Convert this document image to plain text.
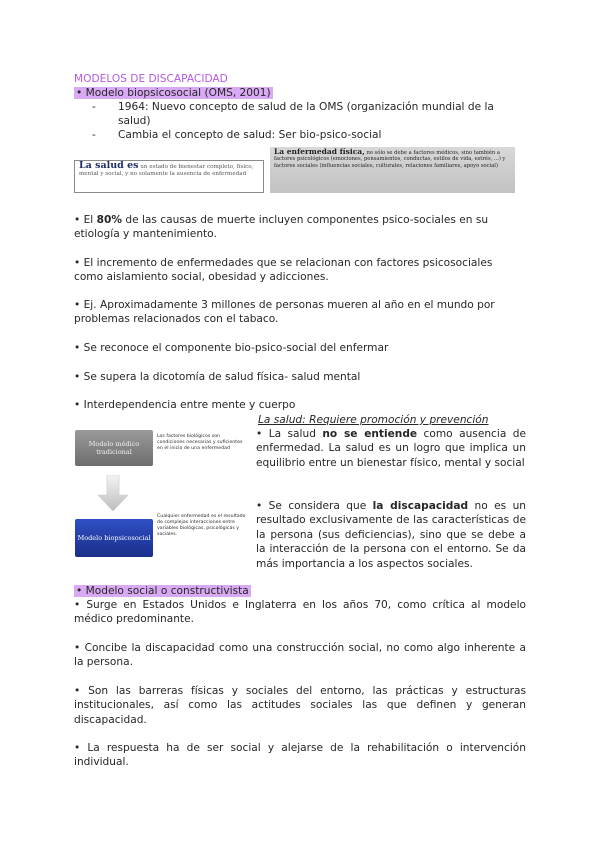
MODELOS DE DISCAPACIDAD
• Modelo biopsicosocial (OMS, 2001)
- 1964: Nuevo concepto de salud de la OMS (organización mundial de la
salud)
- Cambia el concepto de salud: Ser bio-psico-social
La salud es un estado de bienestar completo, físico, mental y social, y no solamente la ausencia de enfermedad
La enfermedad física, no sólo se debe a factores médicos, sino también a factores psicológicos (emociones, pensamientos, conductas, estilos de vida, estrés, ...) y factores sociales (influencias sociales, culturales, relaciones familiares, apoyo social)
• El 80% de las causas de muerte incluyen componentes psico-sociales en su
etiología y mantenimiento.
• El incremento de enfermedades que se relacionan con factores psicosociales
como aislamiento social, obesidad y adicciones.
• Ej. Aproximadamente 3 millones de personas mueren al año en el mundo por
problemas relacionados con el tabaco.
• Se reconoce el componente bio-psico-social del enfermar
• Se supera la dicotomía de salud física- salud mental
• Interdependencia entre mente y cuerpo
La salud: Requiere promoción y prevención
• La salud no se entiende como ausencia de enfermedad. La salud es un logro que implica un equilibrio entre un bienestar físico, mental y social
• Se considera que la discapacidad no es un resultado exclusivamente de las características de la persona (sus deficiencias), sino que se debe a la interacción de la persona con el entorno. Se da más importancia a los aspectos sociales.
Modelo médico tradicional
Los factores biológicos son condiciones necesarias y suficientes en el inicio de una enfermedad
Modelo biopsicosocial
Cualquier enfermedad es el resultado de complejas interacciones entre variables biológicas, psicológicas y sociales.
• Modelo social o constructivista
• Surge en Estados Unidos e Inglaterra en los años 70, como crítica al modelo médico predominante.
• Concibe la discapacidad como una construcción social, no como algo inherente a la persona.
• Son las barreras físicas y sociales del entorno, las prácticas y estructuras institucionales, así como las actitudes sociales las que definen y generan discapacidad.
• La respuesta ha de ser social y alejarse de la rehabilitación o intervención individual.
